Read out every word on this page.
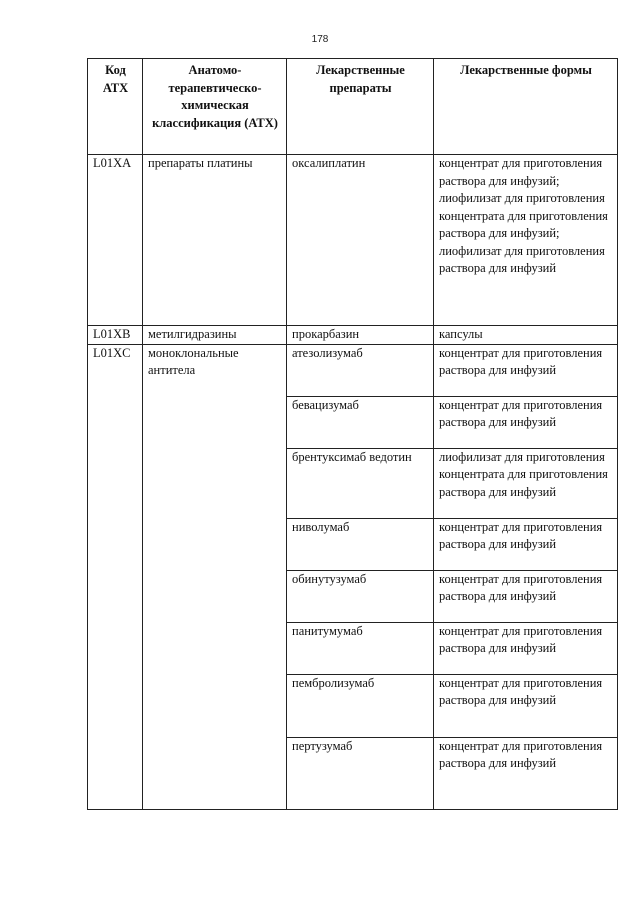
178
Код АТХ	Анатомо-терапевтическо-химическая классификация (АТХ)	Лекарственные препараты	Лекарственные формы
L01XA	препараты платины	оксалиплатин	концентрат для приготовления раствора для инфузий; лиофилизат для приготовления концентрата для приготовления раствора для инфузий; лиофилизат для приготовления раствора для инфузий
L01XB	метилгидразины	прокарбазин	капсулы
L01XC	моноклональные антитела	атезолизумаб	концентрат для приготовления раствора для инфузий
		бевацизумаб	концентрат для приготовления раствора для инфузий
		брентуксимаб ведотин	лиофилизат для приготовления концентрата для приготовления раствора для инфузий
		ниволумаб	концентрат для приготовления раствора для инфузий
		обинутузумаб	концентрат для приготовления раствора для инфузий
		панитумумаб	концентрат для приготовления раствора для инфузий
		пембролизумаб	концентрат для приготовления раствора для инфузий
		пертузумаб	концентрат для приготовления раствора для инфузий
